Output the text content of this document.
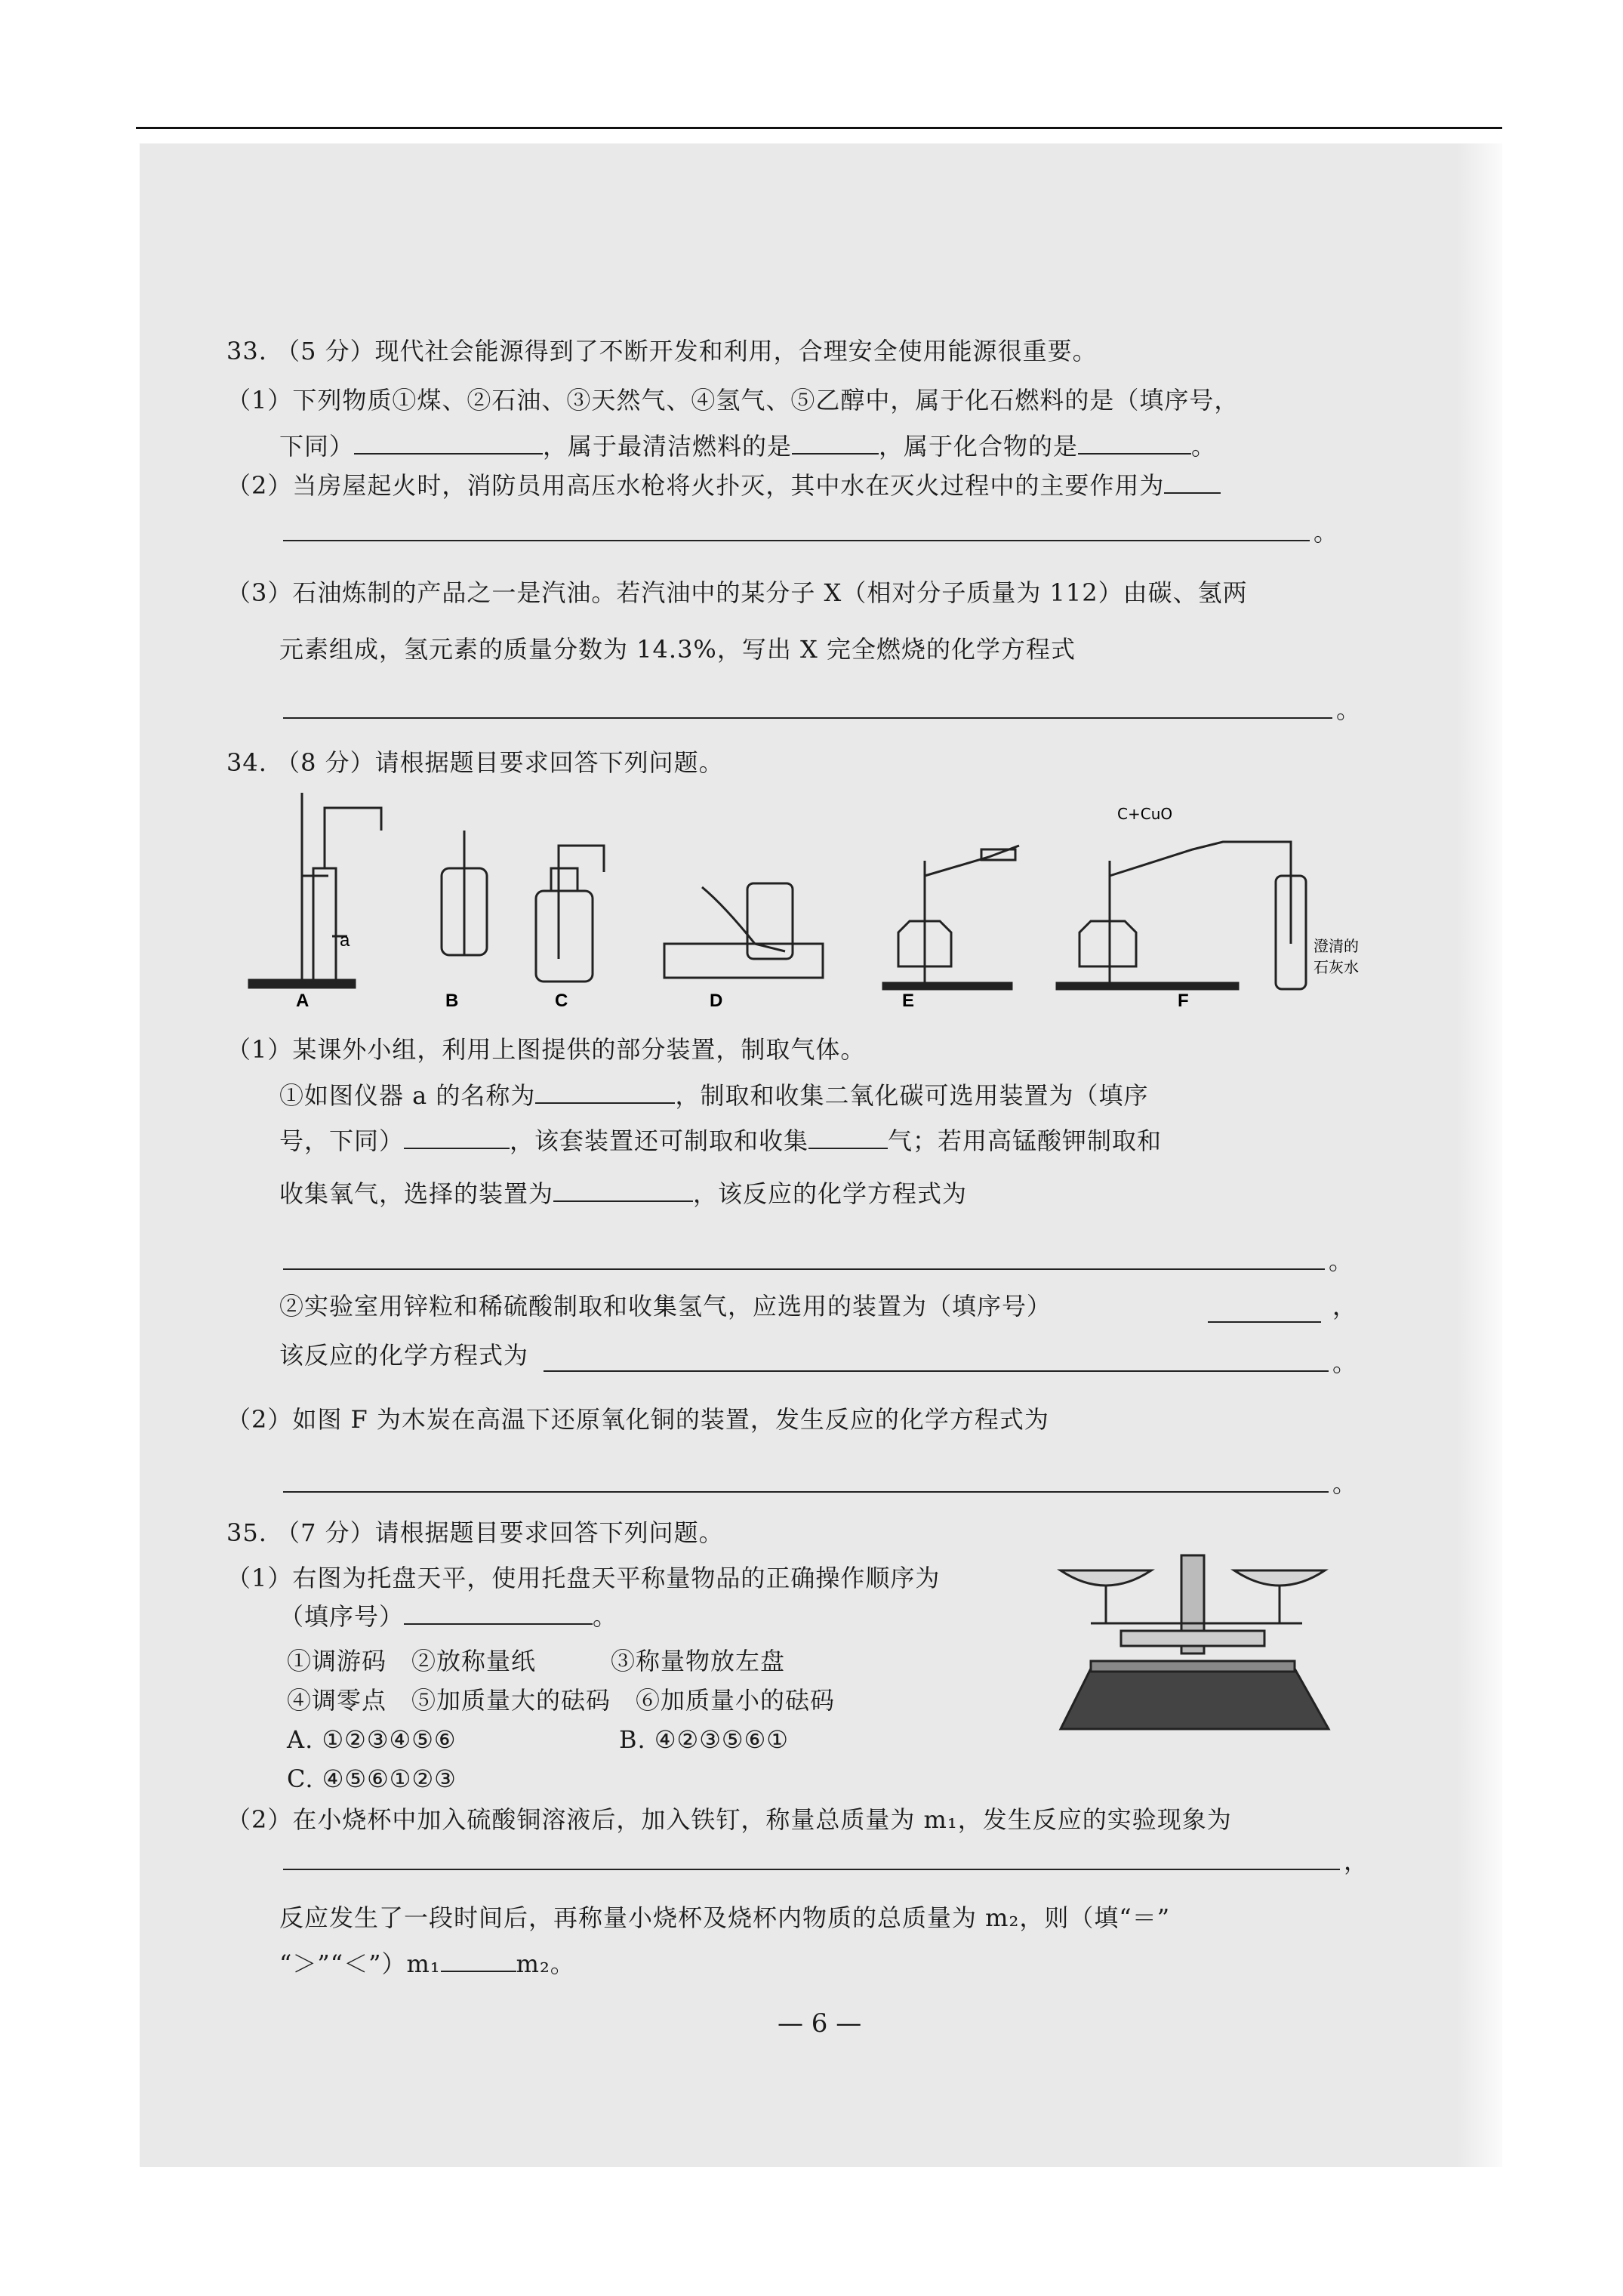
33. （5 分）现代社会能源得到了不断开发和利用，合理安全使用能源很重要。
（1）下列物质①煤、②石油、③天然气、④氢气、⑤乙醇中，属于化石燃料的是（填序号，
下同）	，属于最清洁燃料的是	，属于化合物的是	。
（2）当房屋起火时，消防员用高压水枪将火扑灭，其中水在灭火过程中的主要作用为
。
（3）石油炼制的产品之一是汽油。若汽油中的某分子 X（相对分子质量为 112）由碳、氢两
元素组成，氢元素的质量分数为 14.3%，写出 X 完全燃烧的化学方程式
。
34. （8 分）请根据题目要求回答下列问题。
a
A	B	C	D	E	F
C+CuO
澄清的
石灰水
（1）某课外小组，利用上图提供的部分装置，制取气体。
①如图仪器 a 的名称为	，制取和收集二氧化碳可选用装置为（填序
号，下同）	，该套装置还可制取和收集	气；若用高锰酸钾制取和
收集氧气，选择的装置为	，该反应的化学方程式为
。
②实验室用锌粒和稀硫酸制取和收集氢气，应选用的装置为（填序号）	，
该反应的化学方程式为	。
（2）如图 F 为木炭在高温下还原氧化铜的装置，发生反应的化学方程式为
。
35. （7 分）请根据题目要求回答下列问题。
（1）右图为托盘天平，使用托盘天平称量物品的正确操作顺序为
（填序号）	。
①调游码　②放称量纸　　　③称量物放左盘
④调零点　⑤加质量大的砝码　⑥加质量小的砝码
A. ①②③④⑤⑥	B. ④②③⑤⑥①
C. ④⑤⑥①②③
（2）在小烧杯中加入硫酸铜溶液后，加入铁钉，称量总质量为 m₁，发生反应的实验现象为
，
反应发生了一段时间后，再称量小烧杯及烧杯内物质的总质量为 m₂，则（填“＝”
“＞”“＜”）m₁	m₂。
— 6 —
